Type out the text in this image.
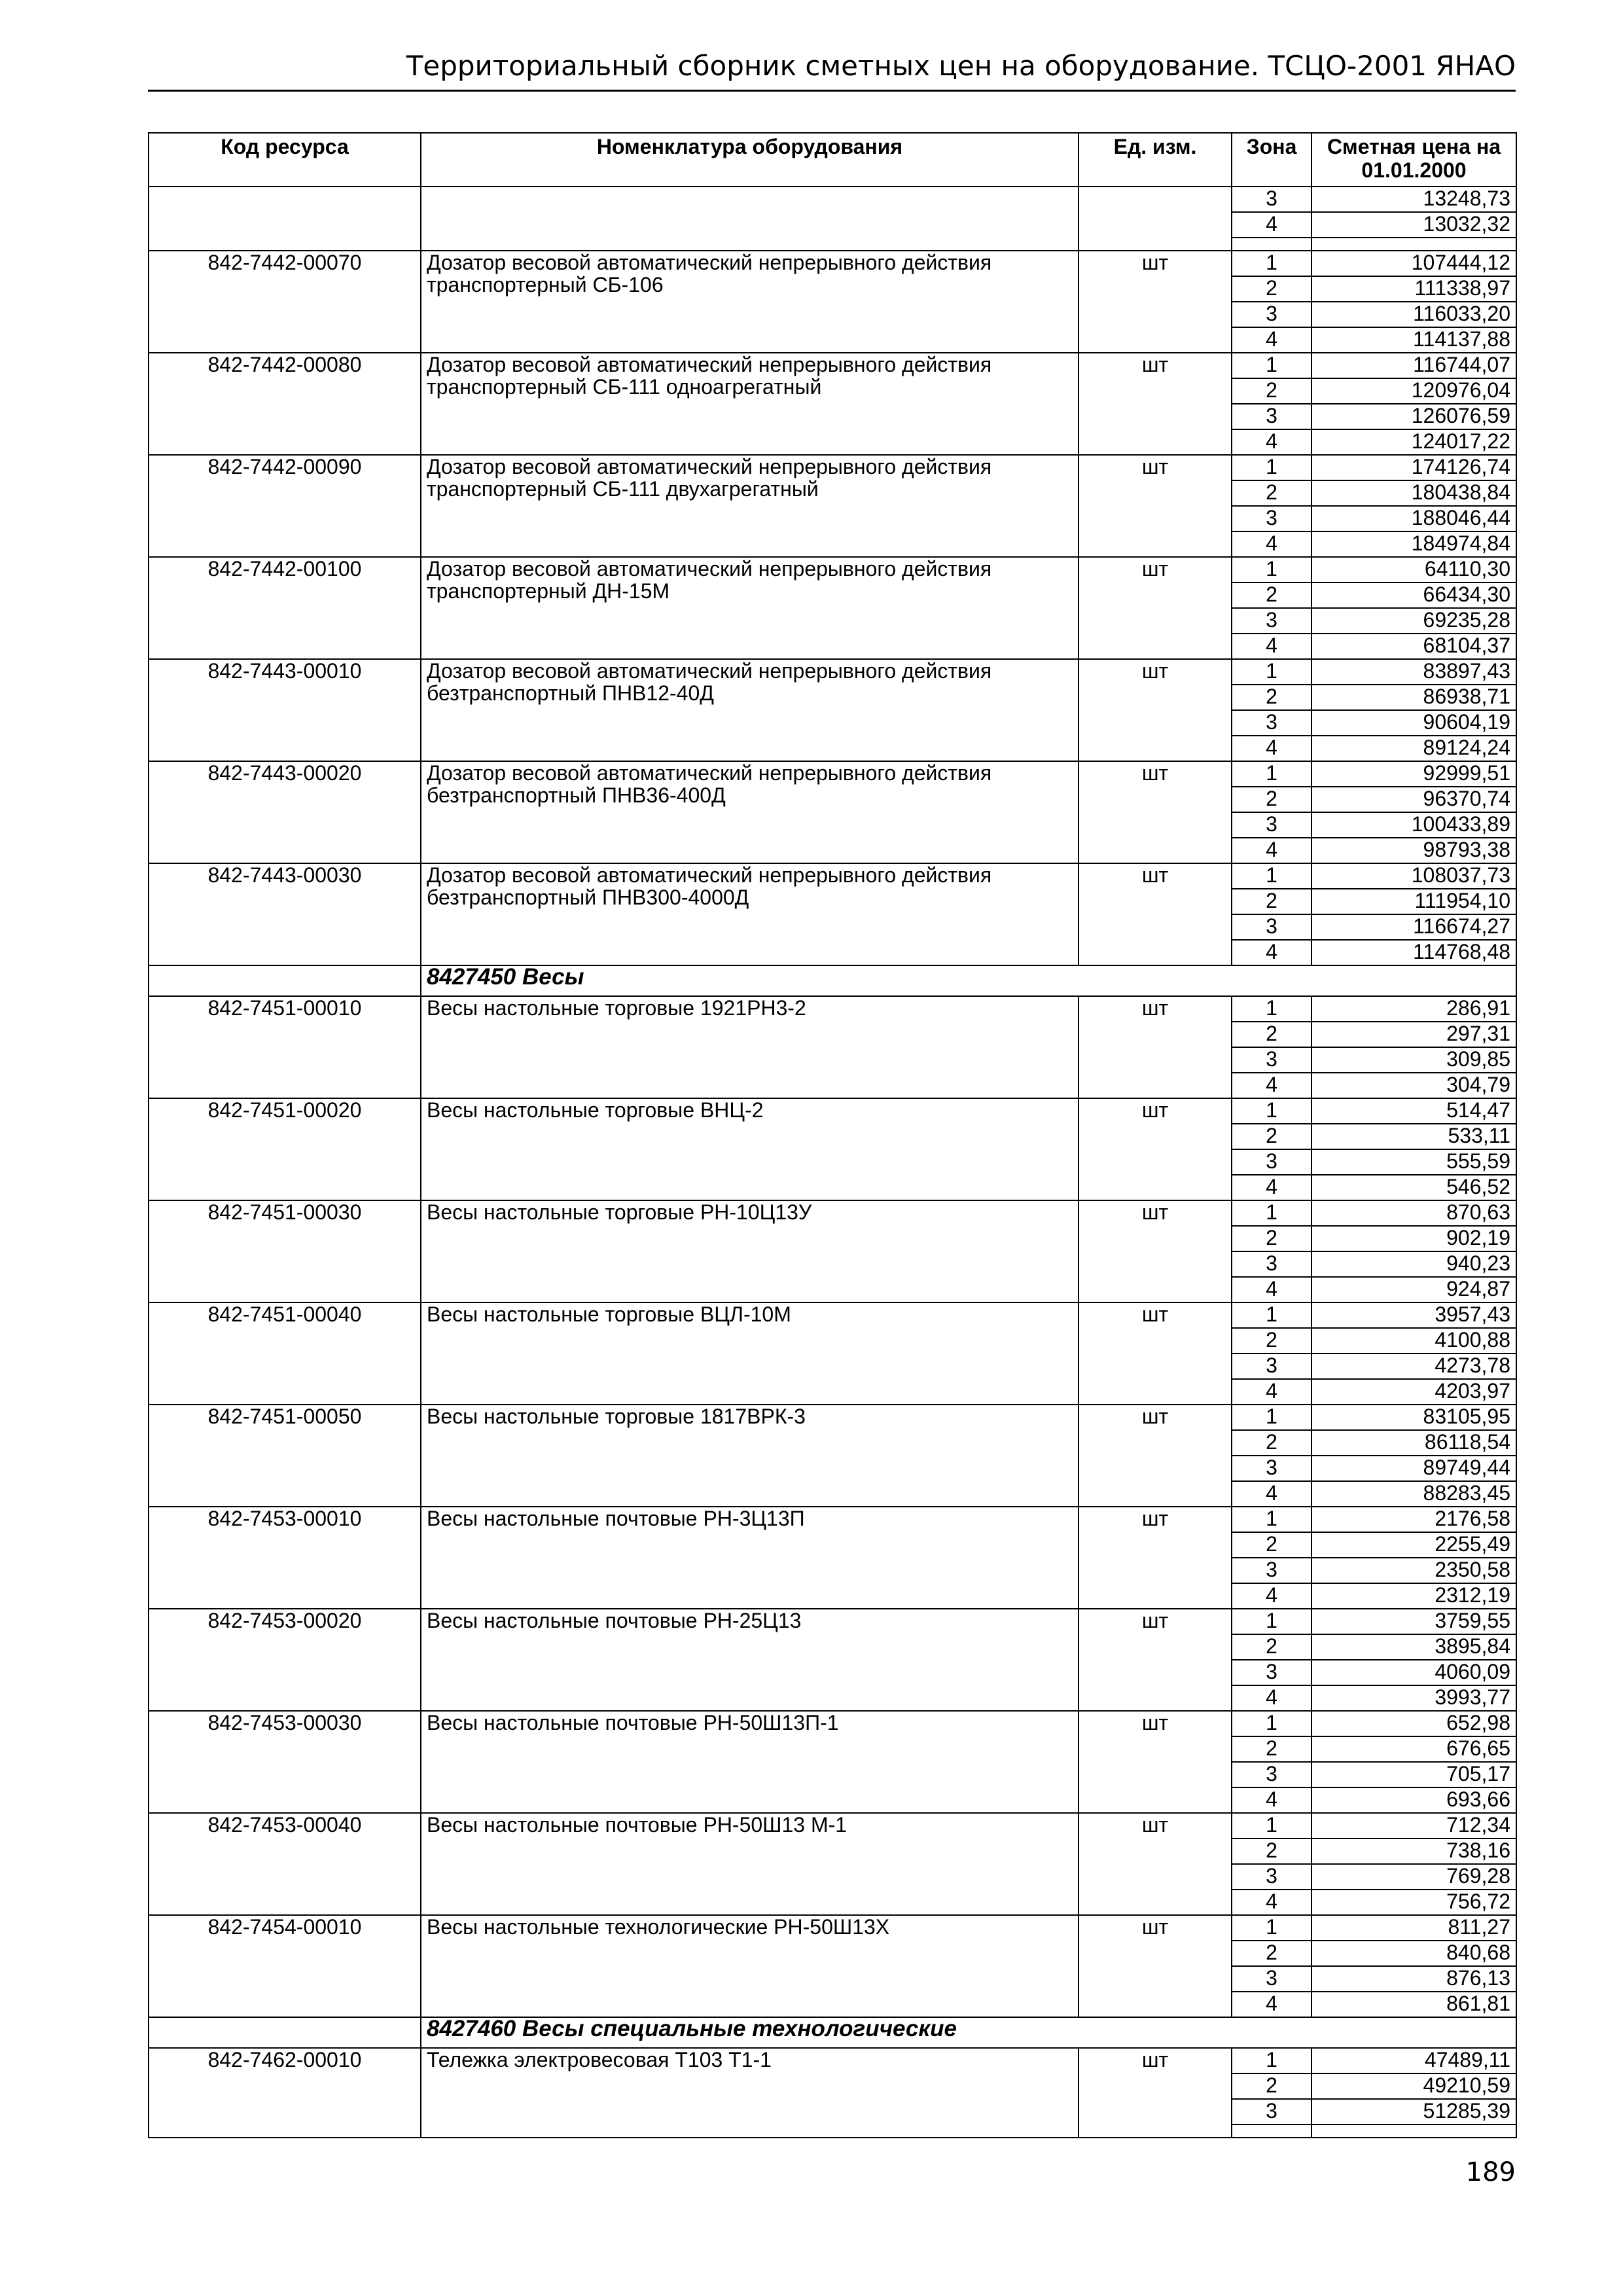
Территориальный сборник сметных цен на оборудование. ТСЦО-2001 ЯНАО
Код ресурса	Номенклатура оборудования	Ед. изм.	Зона	Сметная цена на 01.01.2000
			3	13248,73
			4	13032,32

842-7442-00070	Дозатор весовой автоматический непрерывного действия транспортерный СБ-106	шт	1	107444,12
			2	111338,97
			3	116033,20
			4	114137,88
842-7442-00080	Дозатор весовой автоматический непрерывного действия транспортерный СБ-111 одноагрегатный	шт	1	116744,07
			2	120976,04
			3	126076,59
			4	124017,22
842-7442-00090	Дозатор весовой автоматический непрерывного действия транспортерный СБ-111 двухагрегатный	шт	1	174126,74
			2	180438,84
			3	188046,44
			4	184974,84
842-7442-00100	Дозатор весовой автоматический непрерывного действия транспортерный ДН-15М	шт	1	64110,30
			2	66434,30
			3	69235,28
			4	68104,37
842-7443-00010	Дозатор весовой автоматический непрерывного действия безтранспортный ПНВ12-40Д	шт	1	83897,43
			2	86938,71
			3	90604,19
			4	89124,24
842-7443-00020	Дозатор весовой автоматический непрерывного действия безтранспортный ПНВ36-400Д	шт	1	92999,51
			2	96370,74
			3	100433,89
			4	98793,38
842-7443-00030	Дозатор весовой автоматический непрерывного действия безтранспортный ПНВ300-4000Д	шт	1	108037,73
			2	111954,10
			3	116674,27
			4	114768,48
	8427450 Весы			
842-7451-00010	Весы настольные торговые 1921РН3-2	шт	1	286,91
			2	297,31
			3	309,85
			4	304,79
842-7451-00020	Весы настольные торговые ВНЦ-2	шт	1	514,47
			2	533,11
			3	555,59
			4	546,52
842-7451-00030	Весы настольные торговые РН-10Ц13У	шт	1	870,63
			2	902,19
			3	940,23
			4	924,87
842-7451-00040	Весы настольные торговые ВЦЛ-10М	шт	1	3957,43
			2	4100,88
			3	4273,78
			4	4203,97
842-7451-00050	Весы настольные торговые 1817ВРК-3	шт	1	83105,95
			2	86118,54
			3	89749,44
			4	88283,45
842-7453-00010	Весы настольные почтовые РН-3Ц13П	шт	1	2176,58
			2	2255,49
			3	2350,58
			4	2312,19
842-7453-00020	Весы настольные почтовые РН-25Ц13	шт	1	3759,55
			2	3895,84
			3	4060,09
			4	3993,77
842-7453-00030	Весы настольные почтовые РН-50Ш13П-1	шт	1	652,98
			2	676,65
			3	705,17
			4	693,66
842-7453-00040	Весы настольные почтовые РН-50Ш13 М-1	шт	1	712,34
			2	738,16
			3	769,28
			4	756,72
842-7454-00010	Весы настольные технологические РН-50Ш13Х	шт	1	811,27
			2	840,68
			3	876,13
			4	861,81
	8427460 Весы специальные технологические			
842-7462-00010	Тележка электровесовая Т103 Т1-1	шт	1	47489,11
			2	49210,59
			3	51285,39

189
